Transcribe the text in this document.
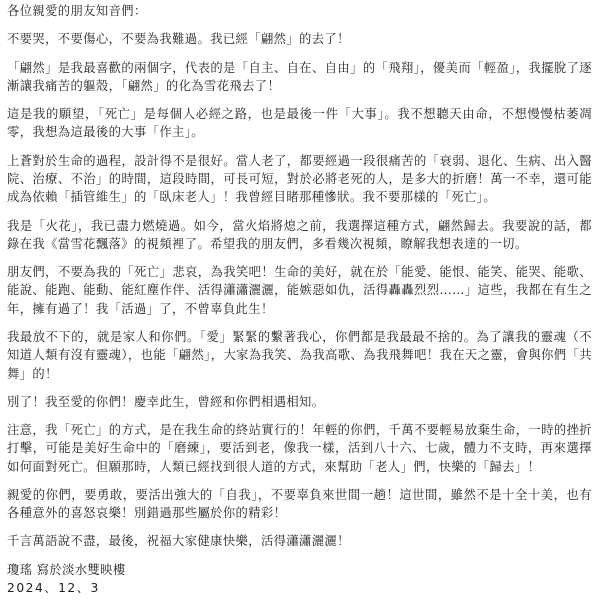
各位親愛的朋友知音們：

不要哭，不要傷心，不要為我難過。我已經「翩然」的去了！

「翩然」是我最喜歡的兩個字，代表的是「自主、自在、自由」的「飛翔」，優美而「輕盈」，我擺脫了逐漸讓我痛苦的軀殼，「翩然」的化為雪花飛去了！

這是我的願望，「死亡」是每個人必經之路，也是最後一件「大事」。我不想聽天由命，不想慢慢枯萎凋零，我想為這最後的大事「作主」。

上蒼對於生命的過程，設計得不是很好。當人老了，都要經過一段很痛苦的「衰弱、退化、生病、出入醫院、治療、不治」的時間，這段時間，可長可短，對於必將老死的人，是多大的折磨！萬一不幸，還可能成為依賴「插管維生」的「臥床老人」！我曾經目睹那種慘狀。我不要那樣的「死亡」。

我是「火花」，我已盡力燃燒過。如今，當火焰將熄之前，我選擇這種方式，翩然歸去。我要說的話，都錄在我《當雪花飄落》的視頻裡了。希望我的朋友們，多看幾次視頻，瞭解我想表達的一切。

朋友們，不要為我的「死亡」悲哀，為我笑吧！生命的美好，就在於「能愛、能恨、能笑、能哭、能歌、能說、能跑、能動、能紅塵作伴、活得瀟瀟灑灑，能嫉惡如仇，活得轟轟烈烈……」這些，我都在有生之年，擁有過了！我「活過」了，不曾辜負此生！

我最放不下的，就是家人和你們。「愛」緊緊的繫著我心，你們都是我最最不捨的。為了讓我的靈魂（不知道人類有沒有靈魂），也能「翩然」，大家為我笑、為我高歌、為我飛舞吧！我在天之靈，會與你們「共舞」的！

別了！我至愛的你們！慶幸此生，曾經和你們相遇相知。

注意，我「死亡」的方式，是在我生命的終站實行的！年輕的你們，千萬不要輕易放棄生命，一時的挫折打擊，可能是美好生命中的「磨練」，要活到老，像我一樣，活到八十六、七歲，體力不支時，再來選擇如何面對死亡。但願那時，人類已經找到很人道的方式，來幫助「老人」們，快樂的「歸去」！

親愛的你們，要勇敢，要活出強大的「自我」，不要辜負來世間一趟！這世間，雖然不是十全十美，也有各種意外的喜怒哀樂！別錯過那些屬於你的精彩！

千言萬語說不盡，最後，祝福大家健康快樂，活得瀟瀟灑灑！

瓊瑤 寫於淡水雙映樓

2024、12、3
